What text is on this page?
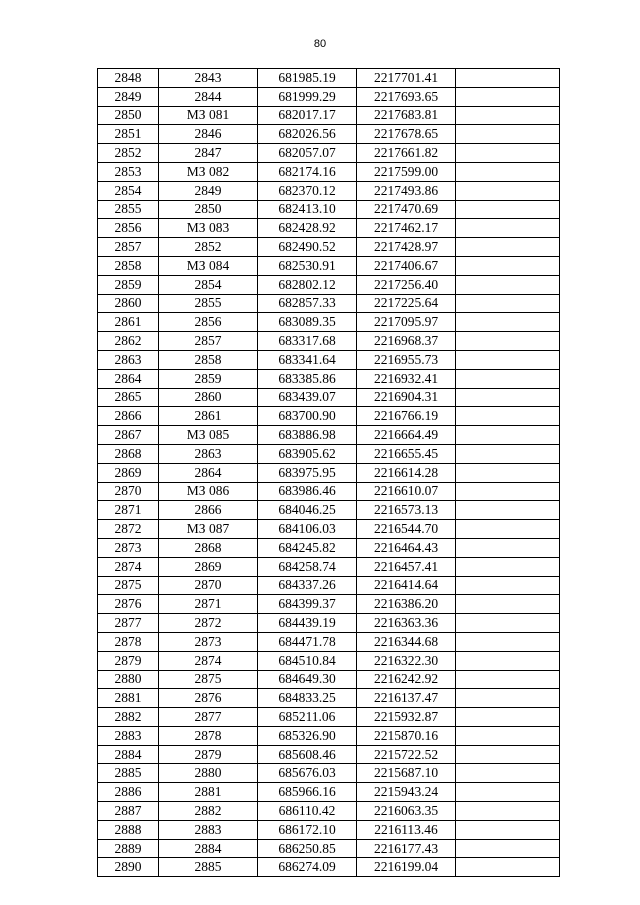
80
2848	2843	681985.19	2217701.41	
2849	2844	681999.29	2217693.65	
2850	МЗ 081	682017.17	2217683.81	
2851	2846	682026.56	2217678.65	
2852	2847	682057.07	2217661.82	
2853	МЗ 082	682174.16	2217599.00	
2854	2849	682370.12	2217493.86	
2855	2850	682413.10	2217470.69	
2856	МЗ 083	682428.92	2217462.17	
2857	2852	682490.52	2217428.97	
2858	МЗ 084	682530.91	2217406.67	
2859	2854	682802.12	2217256.40	
2860	2855	682857.33	2217225.64	
2861	2856	683089.35	2217095.97	
2862	2857	683317.68	2216968.37	
2863	2858	683341.64	2216955.73	
2864	2859	683385.86	2216932.41	
2865	2860	683439.07	2216904.31	
2866	2861	683700.90	2216766.19	
2867	МЗ 085	683886.98	2216664.49	
2868	2863	683905.62	2216655.45	
2869	2864	683975.95	2216614.28	
2870	МЗ 086	683986.46	2216610.07	
2871	2866	684046.25	2216573.13	
2872	МЗ 087	684106.03	2216544.70	
2873	2868	684245.82	2216464.43	
2874	2869	684258.74	2216457.41	
2875	2870	684337.26	2216414.64	
2876	2871	684399.37	2216386.20	
2877	2872	684439.19	2216363.36	
2878	2873	684471.78	2216344.68	
2879	2874	684510.84	2216322.30	
2880	2875	684649.30	2216242.92	
2881	2876	684833.25	2216137.47	
2882	2877	685211.06	2215932.87	
2883	2878	685326.90	2215870.16	
2884	2879	685608.46	2215722.52	
2885	2880	685676.03	2215687.10	
2886	2881	685966.16	2215943.24	
2887	2882	686110.42	2216063.35	
2888	2883	686172.10	2216113.46	
2889	2884	686250.85	2216177.43	
2890	2885	686274.09	2216199.04	
